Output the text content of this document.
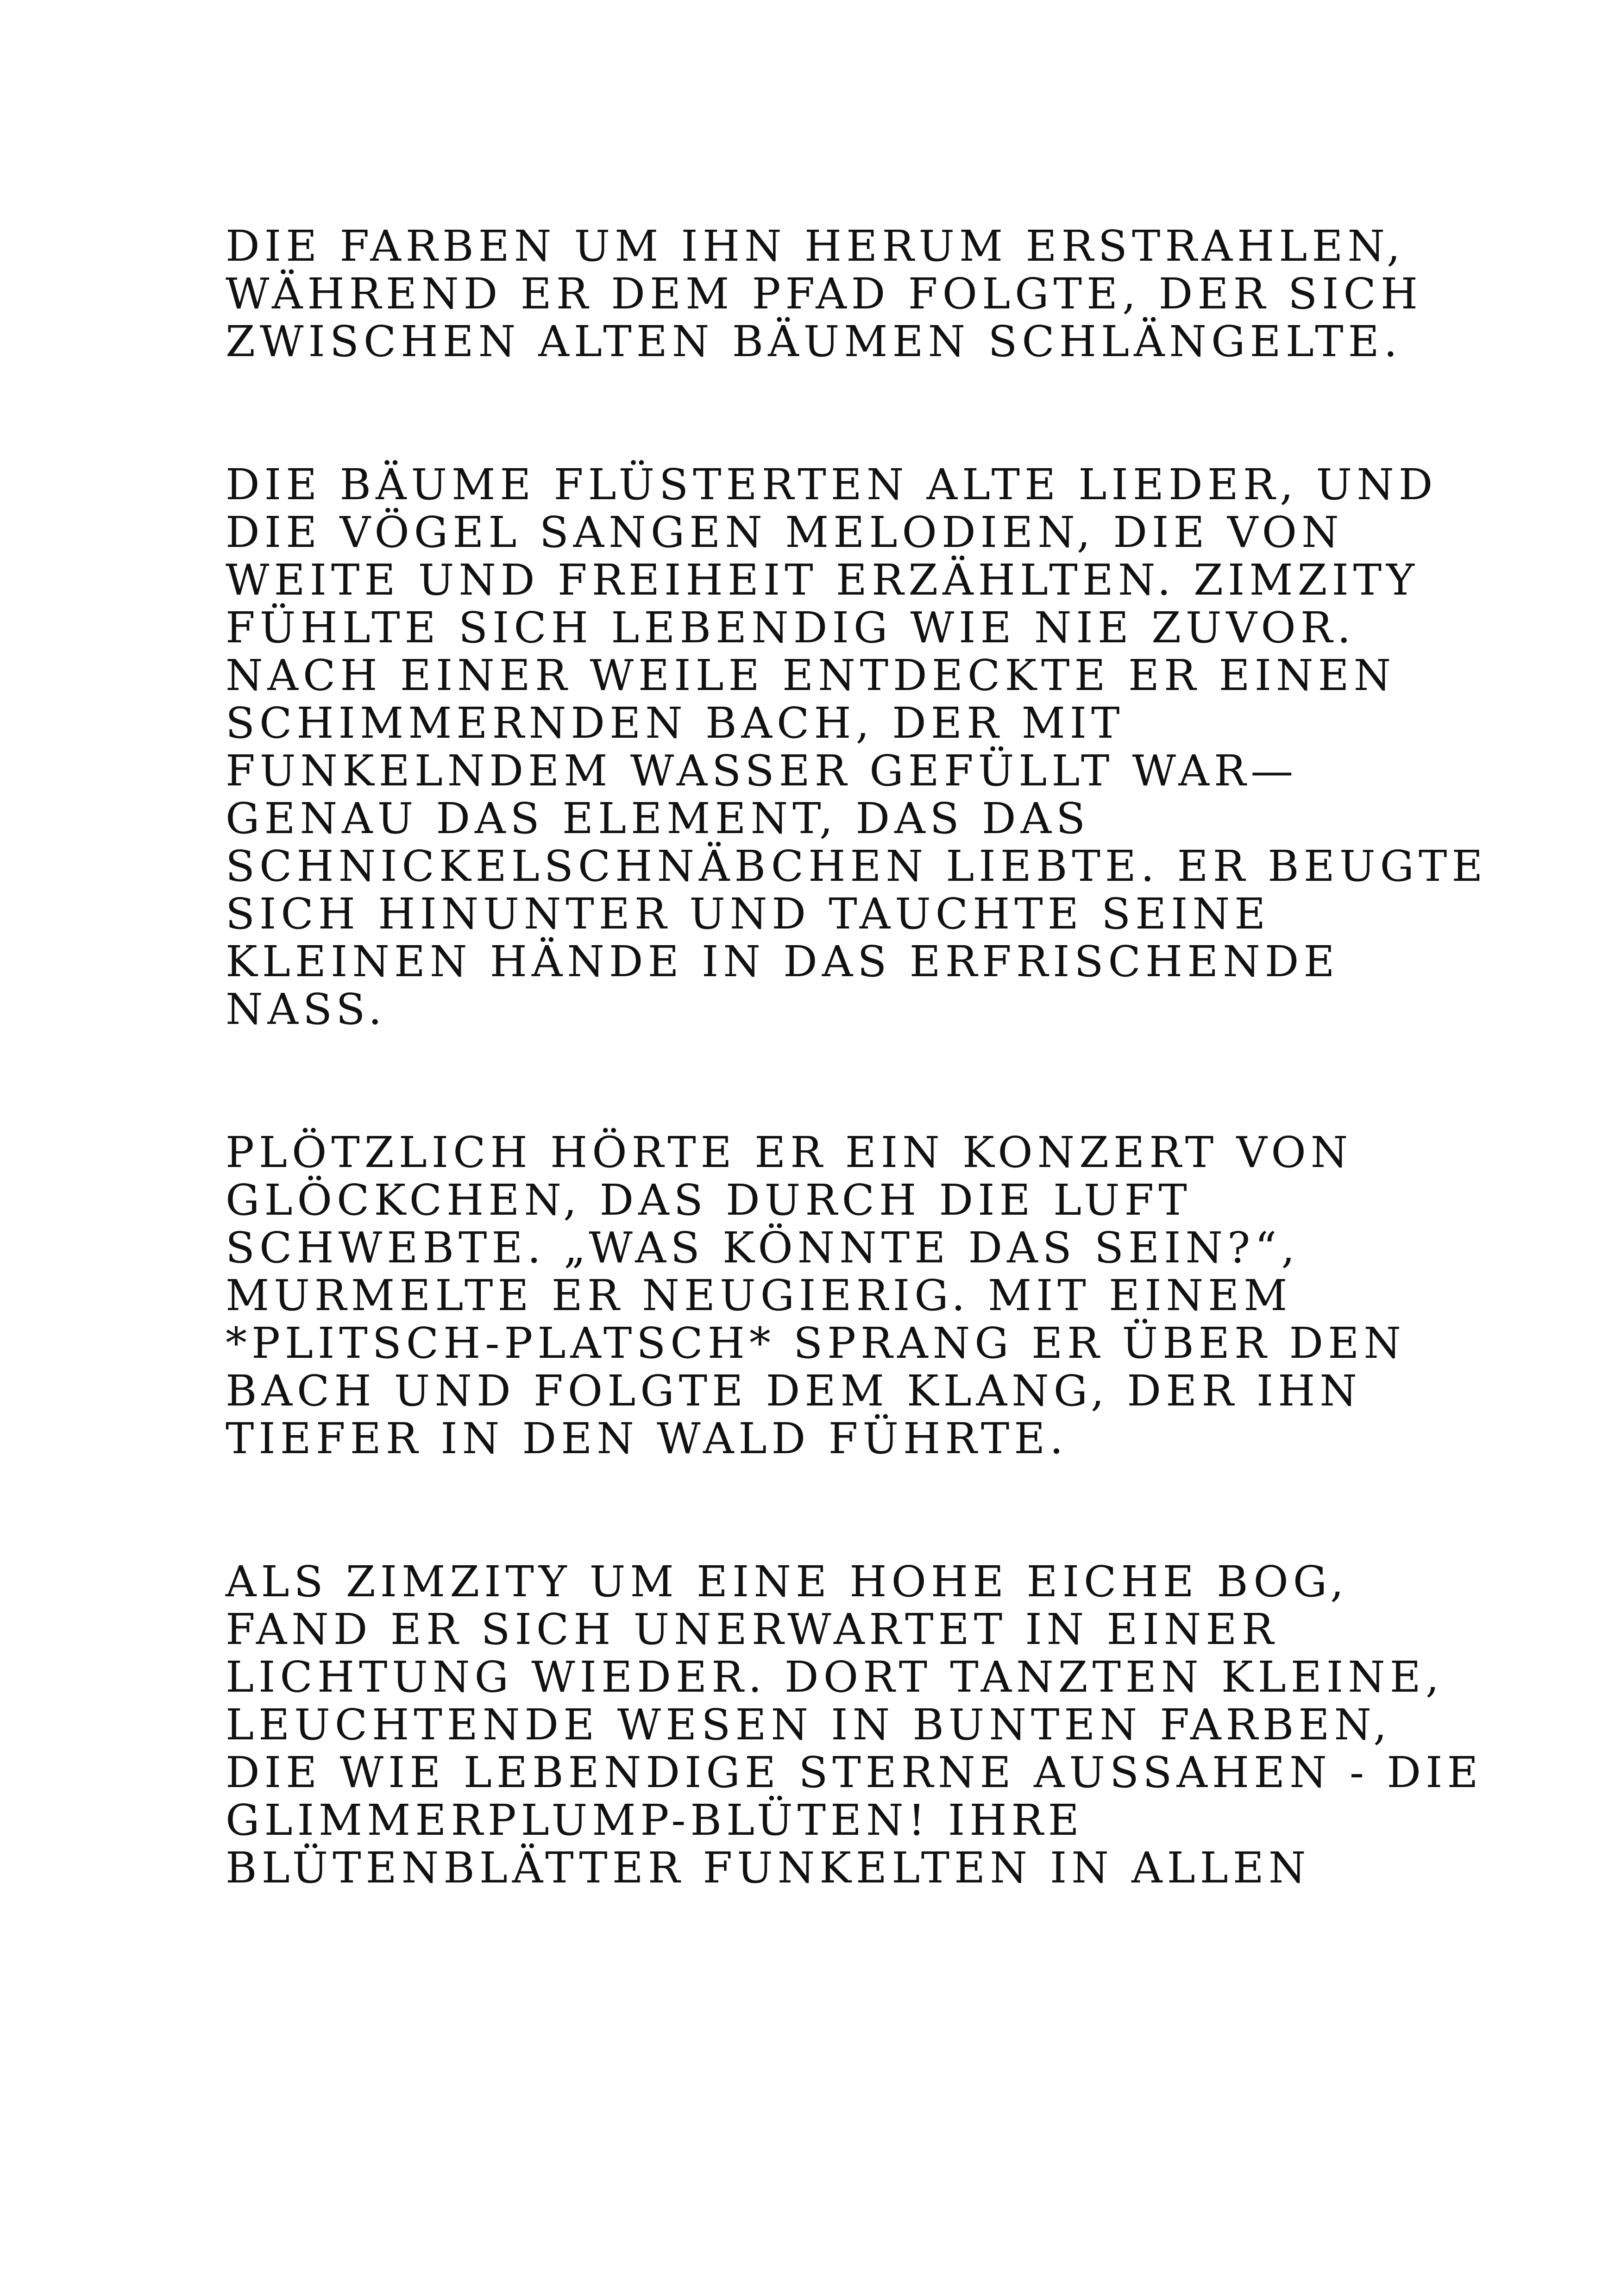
DIE FARBEN UM IHN HERUM ERSTRAHLEN,
WÄHREND ER DEM PFAD FOLGTE, DER SICH
ZWISCHEN ALTEN BÄUMEN SCHLÄNGELTE.

DIE BÄUME FLÜSTERTEN ALTE LIEDER, UND
DIE VÖGEL SANGEN MELODIEN, DIE VON
WEITE UND FREIHEIT ERZÄHLTEN. ZIMZITY
FÜHLTE SICH LEBENDIG WIE NIE ZUVOR.
NACH EINER WEILE ENTDECKTE ER EINEN
SCHIMMERNDEN BACH, DER MIT
FUNKELNDEM WASSER GEFÜLLT WAR—
GENAU DAS ELEMENT, DAS DAS
SCHNICKELSCHNÄBCHEN LIEBTE. ER BEUGTE
SICH HINUNTER UND TAUCHTE SEINE
KLEINEN HÄNDE IN DAS ERFRISCHENDE
NASS.

PLÖTZLICH HÖRTE ER EIN KONZERT VON
GLÖCKCHEN, DAS DURCH DIE LUFT
SCHWEBTE. „WAS KÖNNTE DAS SEIN?“,
MURMELTE ER NEUGIERIG. MIT EINEM
*PLITSCH-PLATSCH* SPRANG ER ÜBER DEN
BACH UND FOLGTE DEM KLANG, DER IHN
TIEFER IN DEN WALD FÜHRTE.

ALS ZIMZITY UM EINE HOHE EICHE BOG,
FAND ER SICH UNERWARTET IN EINER
LICHTUNG WIEDER. DORT TANZTEN KLEINE,
LEUCHTENDE WESEN IN BUNTEN FARBEN,
DIE WIE LEBENDIGE STERNE AUSSAHEN - DIE
GLIMMERPLUMP-BLÜTEN! IHRE
BLÜTENBLÄTTER FUNKELTEN IN ALLEN
